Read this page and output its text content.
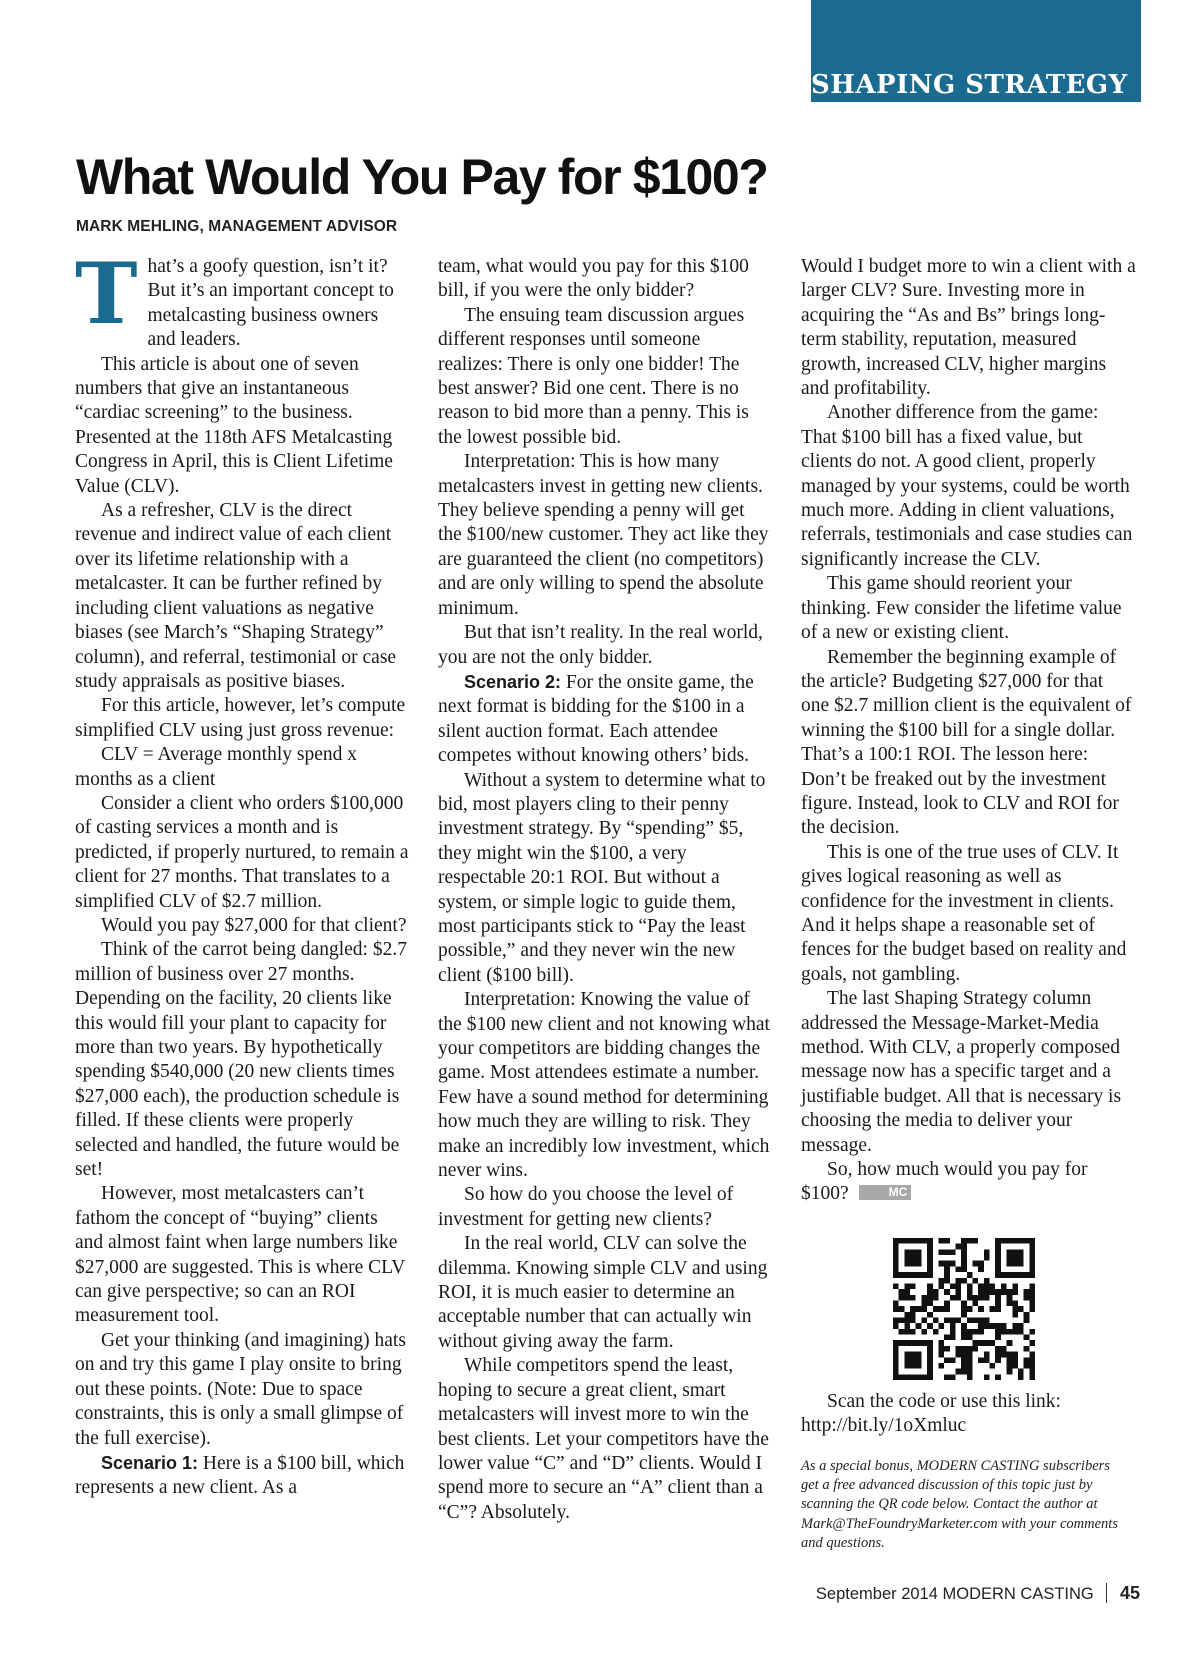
SHAPING STRATEGY
What Would You Pay for $100?
MARK MEHLING, MANAGEMENT ADVISOR

That’s a goofy question, isn’t it? But it’s an important concept to metalcasting business owners and leaders.

This article is about one of seven numbers that give an instantaneous “cardiac screening” to the business. Presented at the 118th AFS Metalcasting Congress in April, this is Client Lifetime Value (CLV).

As a refresher, CLV is the direct revenue and indirect value of each client over its lifetime relationship with a metalcaster. It can be further refined by including client valuations as negative biases (see March’s “Shaping Strategy” column), and referral, testimonial or case study appraisals as positive biases.

For this article, however, let’s compute simplified CLV using just gross revenue:

CLV = Average monthly spend x months as a client

Consider a client who orders $100,000 of casting services a month and is predicted, if properly nurtured, to remain a client for 27 months. That translates to a simplified CLV of $2.7 million.

Would you pay $27,000 for that client?

Think of the carrot being dangled: $2.7 million of business over 27 months. Depending on the facility, 20 clients like this would fill your plant to capacity for more than two years. By hypothetically spending $540,000 (20 new clients times $27,000 each), the production schedule is filled. If these clients were properly selected and handled, the future would be set!

However, most metalcasters can’t fathom the concept of “buying” clients and almost faint when large numbers like $27,000 are suggested. This is where CLV can give perspective; so can an ROI measurement tool.

Get your thinking (and imagining) hats on and try this game I play onsite to bring out these points. (Note: Due to space constraints, this is only a small glimpse of the full exercise).

Scenario 1: Here is a $100 bill, which represents a new client. As a

team, what would you pay for this $100 bill, if you were the only bidder?

The ensuing team discussion argues different responses until someone realizes: There is only one bidder! The best answer? Bid one cent. There is no reason to bid more than a penny. This is the lowest possible bid.

Interpretation: This is how many metalcasters invest in getting new clients. They believe spending a penny will get the $100/new customer. They act like they are guaranteed the client (no competitors) and are only willing to spend the absolute minimum.

But that isn’t reality. In the real world, you are not the only bidder.

Scenario 2: For the onsite game, the next format is bidding for the $100 in a silent auction format. Each attendee competes without knowing others’ bids.

Without a system to determine what to bid, most players cling to their penny investment strategy. By “spending” $5, they might win the $100, a very respectable 20:1 ROI. But without a system, or simple logic to guide them, most participants stick to “Pay the least possible,” and they never win the new client ($100 bill).

Interpretation: Knowing the value of the $100 new client and not knowing what your competitors are bidding changes the game. Most attendees estimate a number. Few have a sound method for determining how much they are willing to risk. They make an incredibly low investment, which never wins.

So how do you choose the level of investment for getting new clients?

In the real world, CLV can solve the dilemma. Knowing simple CLV and using ROI, it is much easier to determine an acceptable number that can actually win without giving away the farm.

While competitors spend the least, hoping to secure a great client, smart metalcasters will invest more to win the best clients. Let your competitors have the lower value “C” and “D” clients. Would I spend more to secure an “A” client than a “C”? Absolutely.

Would I budget more to win a client with a larger CLV? Sure. Investing more in acquiring the “As and Bs” brings long-term stability, reputation, measured growth, increased CLV, higher margins and profitability.

Another difference from the game: That $100 bill has a fixed value, but clients do not. A good client, properly managed by your systems, could be worth much more. Adding in client valuations, referrals, testimonials and case studies can significantly increase the CLV.

This game should reorient your thinking. Few consider the lifetime value of a new or existing client.

Remember the beginning example of the article? Budgeting $27,000 for that one $2.7 million client is the equivalent of winning the $100 bill for a single dollar. That’s a 100:1 ROI. The lesson here: Don’t be freaked out by the investment figure. Instead, look to CLV and ROI for the decision.

This is one of the true uses of CLV. It gives logical reasoning as well as confidence for the investment in clients. And it helps shape a reasonable set of fences for the budget based on reality and goals, not gambling.

The last Shaping Strategy column addressed the Message-Market-Media method. With CLV, a properly composed message now has a specific target and a justifiable budget. All that is necessary is choosing the media to deliver your message.

So, how much would you pay for $100?	MC

Scan the code or use this link:

http://bit.ly/1oXmluc

As a special bonus, MODERN CASTING subscribers get a free advanced discussion of this topic just by scanning the QR code below. Contact the author at Mark@TheFoundryMarketer.com with your comments and questions.
September 2014 MODERN CASTING 45
